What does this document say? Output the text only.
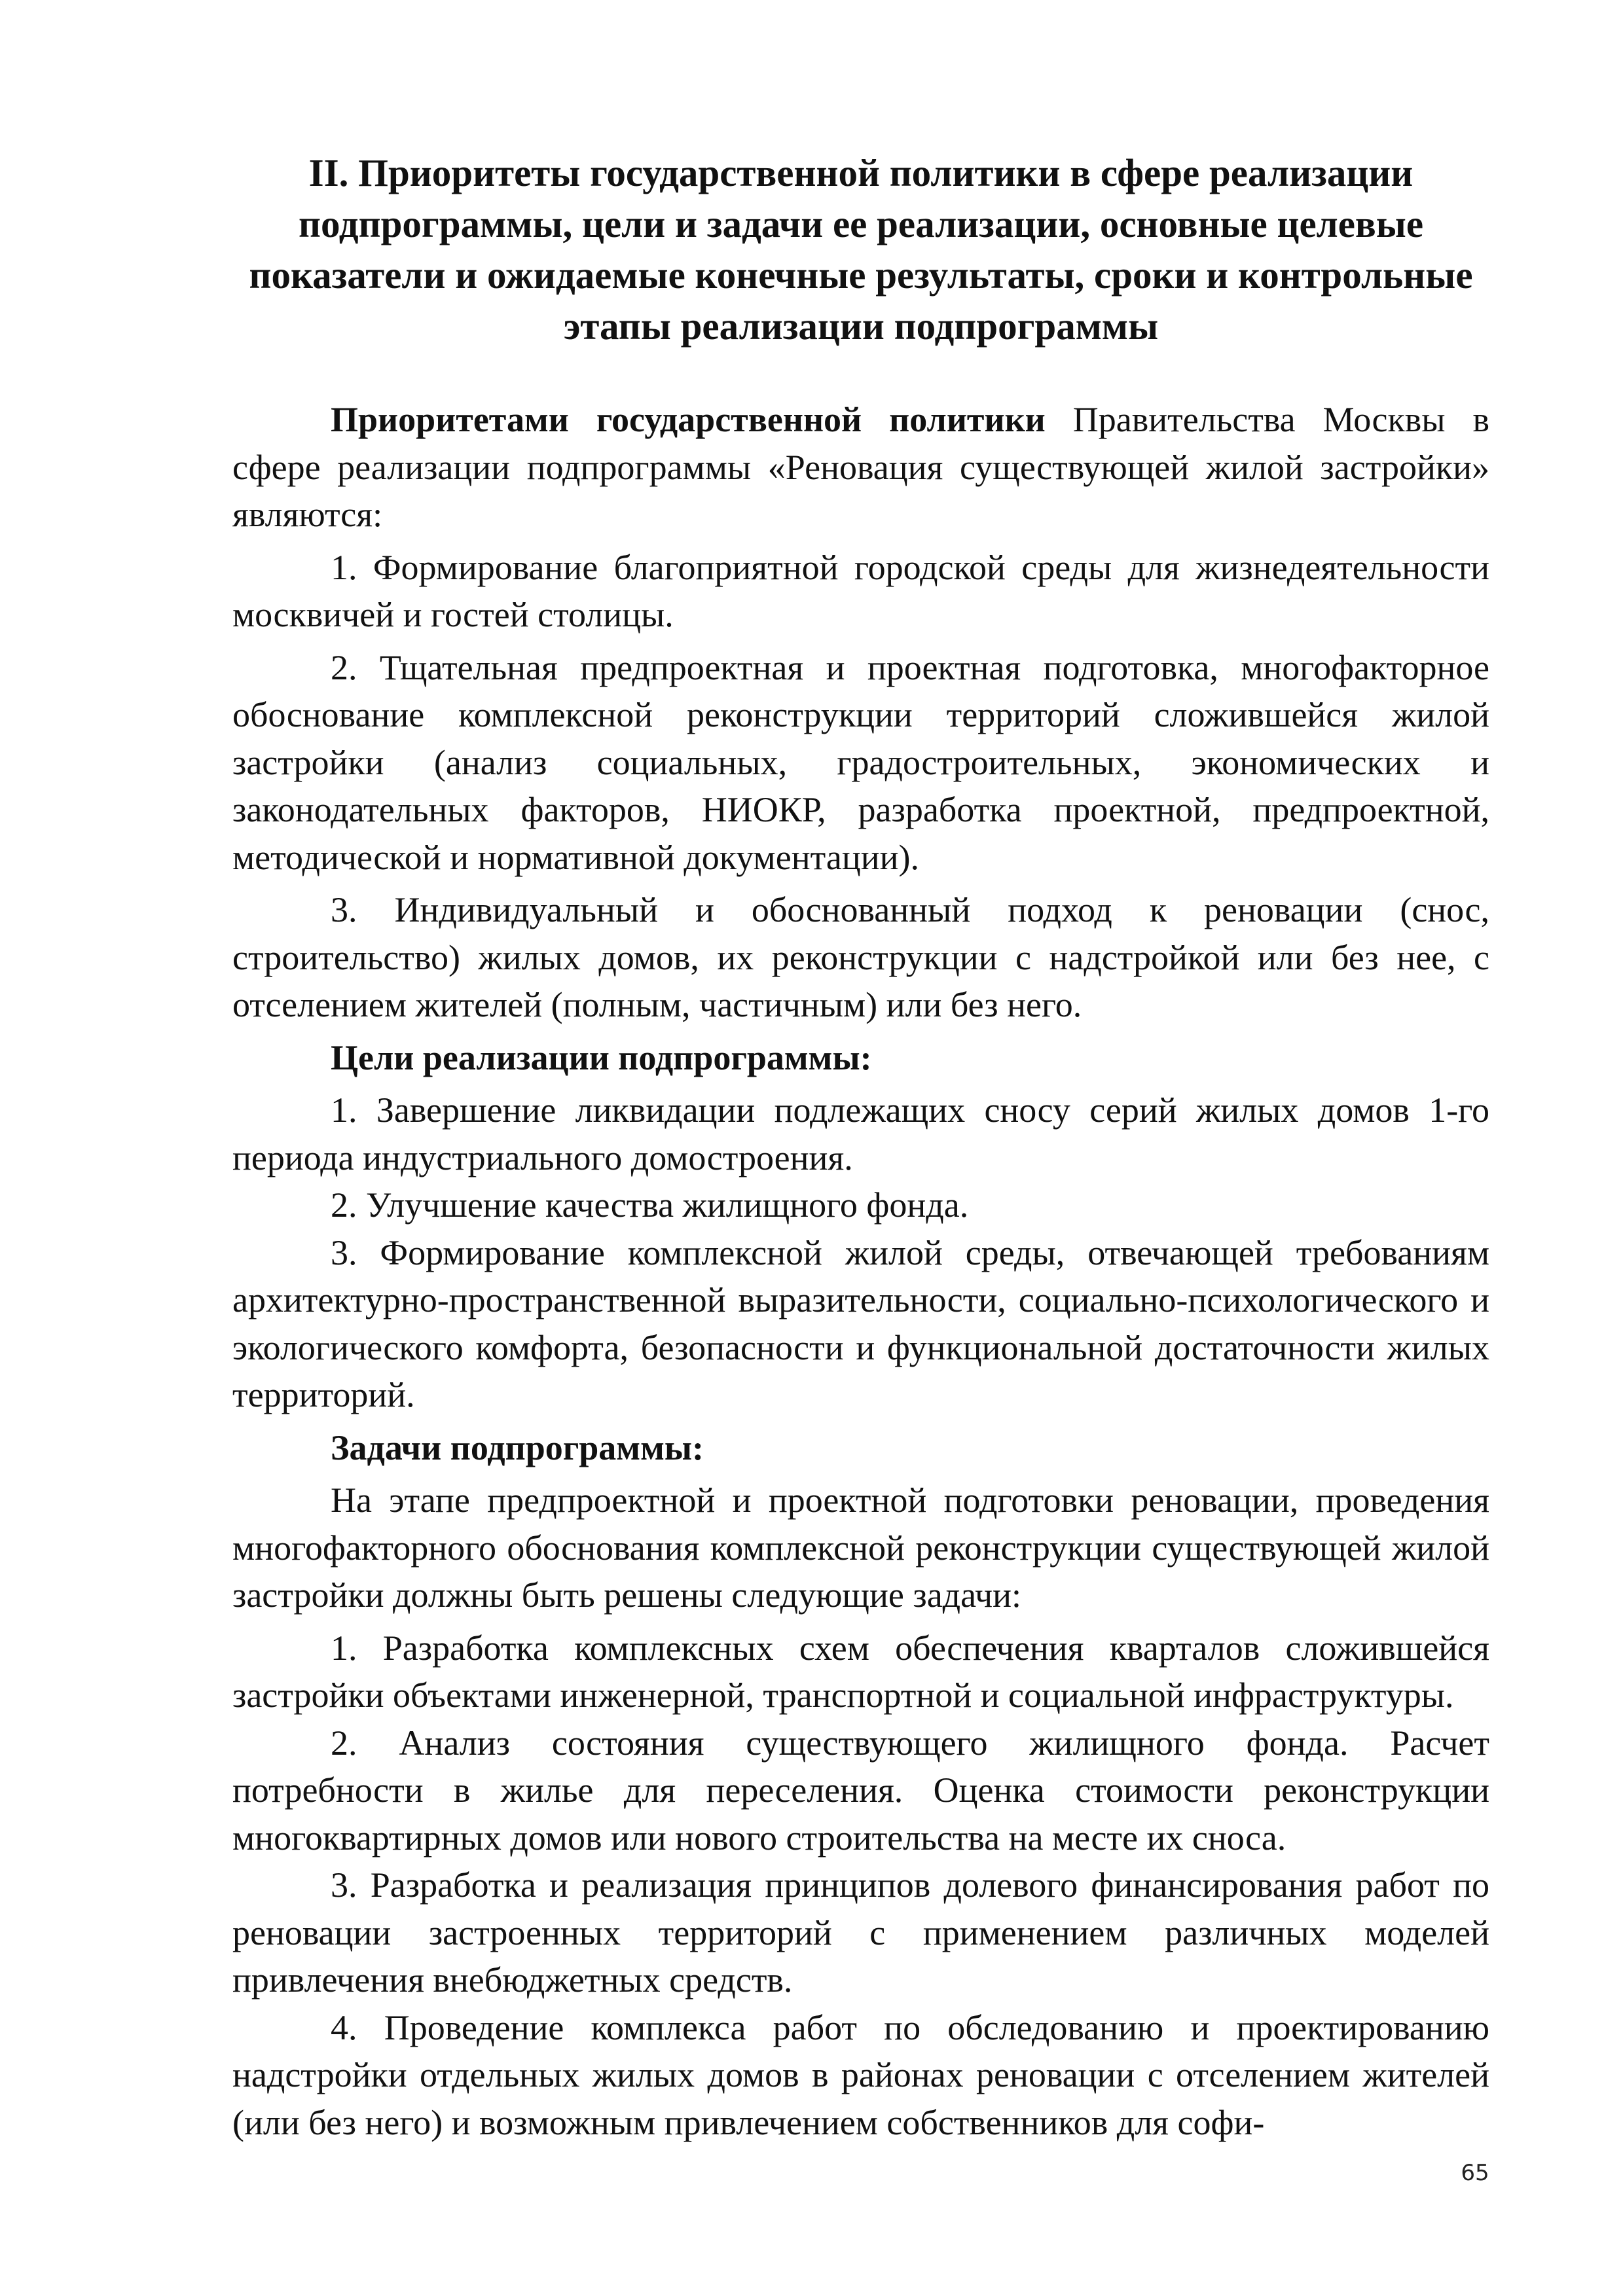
II. Приоритеты государственной политики в сфере реализации подпрограммы, цели и задачи ее реализации, основные целевые показатели и ожидаемые конечные результаты, сроки и контрольные этапы реализации подпрограммы

Приоритетами государственной политики Правительства Москвы в сфере реализации подпрограммы «Реновация существующей жилой застройки» являются:

1. Формирование благоприятной городской среды для жизнедеятельности москвичей и гостей столицы.

2. Тщательная предпроектная и проектная подготовка, многофакторное обоснование комплексной реконструкции территорий сложившейся жилой застройки (анализ социальных, градостроительных, экономических и законодательных факторов, НИОКР, разработка проектной, предпроектной, методической и нормативной документации).

3. Индивидуальный и обоснованный подход к реновации (снос, строительство) жилых домов, их реконструкции с надстройкой или без нее, с отселением жителей (полным, частичным) или без него.

Цели реализации подпрограммы:

1. Завершение ликвидации подлежащих сносу серий жилых домов 1-го периода индустриального домостроения.

2. Улучшение качества жилищного фонда.

3. Формирование комплексной жилой среды, отвечающей требованиям архитектурно-пространственной выразительности, социально-психологического и экологического комфорта, безопасности и функциональной достаточности жилых территорий.

Задачи подпрограммы:

На этапе предпроектной и проектной подготовки реновации, проведения многофакторного обоснования комплексной реконструкции существующей жилой застройки должны быть решены следующие задачи:

1. Разработка комплексных схем обеспечения кварталов сложившейся застройки объектами инженерной, транспортной и социальной инфраструктуры.

2. Анализ состояния существующего жилищного фонда. Расчет потребности в жилье для переселения. Оценка стоимости реконструкции многоквартирных домов или нового строительства на месте их сноса.

3. Разработка и реализация принципов долевого финансирования работ по реновации застроенных территорий с применением различных моделей привлечения внебюджетных средств.

4. Проведение комплекса работ по обследованию и проектированию надстройки отдельных жилых домов в районах реновации с отселением жителей (или без него) и возможным привлечением собственников для софи-

65
